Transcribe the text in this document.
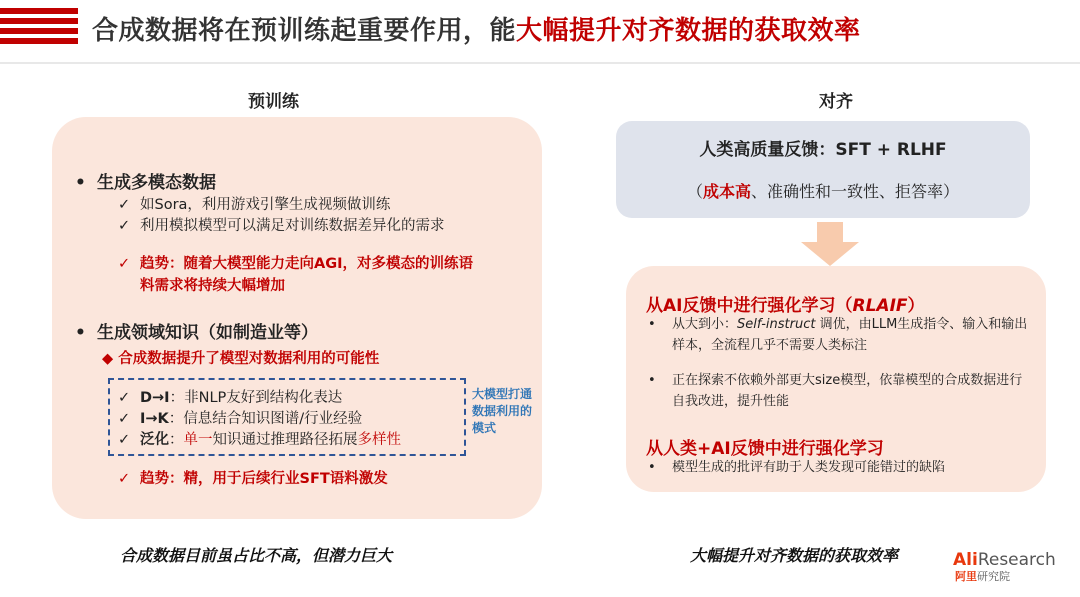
合成数据将在预训练起重要作用，能大幅提升对齐数据的获取效率
预训练	对齐
• 生成多模态数据
✓ 如Sora，利用游戏引擎生成视频做训练
✓ 利用模拟模型可以满足对训练数据差异化的需求
✓ 趋势：随着大模型能力走向AGI，对多模态的训练语
料需求将持续大幅增加
• 生成领域知识（如制造业等）
◆ 合成数据提升了模型对数据利用的可能性
✓ D→I：非NLP友好到结构化表达
✓ I→K：信息结合知识图谱/行业经验
✓ 泛化：单一知识通过推理路径拓展多样性
大模型打通数据利用的模式
✓ 趋势：精，用于后续行业SFT语料激发
合成数据目前虽占比不高，但潜力巨大
人类高质量反馈：SFT + RLHF
（成本高、准确性和一致性、拒答率）
从AI反馈中进行强化学习（RLAIF）
• 从大到小：Self-instruct 调优，由LLM生成指令、输入和输出样本，全流程几乎不需要人类标注
• 正在探索不依赖外部更大size模型，依靠模型的合成数据进行自我改进，提升性能
从人类+AI反馈中进行强化学习
• 模型生成的批评有助于人类发现可能错过的缺陷
大幅提升对齐数据的获取效率	AliResearch
阿里研究院
